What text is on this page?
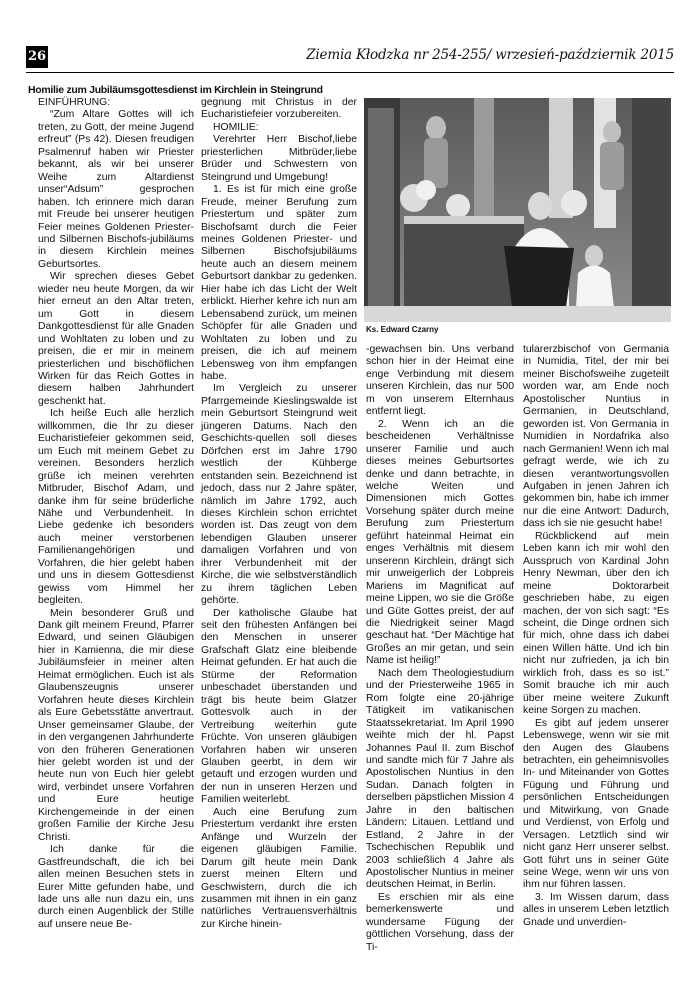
26	Ziemia Kłodzka nr 254-255/ wrzesień-październik 2015
Homilie zum Jubiläumsgottesdienst im Kirchlein in Steingrund

EINFÜHRUNG:

“Zum Altare Gottes will ich treten, zu Gott, der meine Jugend erfreut” (Ps 42). Diesen freudigen Psalmenruf haben wir Priester bekannt, als wir bei unserer Weihe zum Altardienst unser“Adsum” gesprochen haben. Ich erinnere mich daran mit Freude bei unserer heutigen Feier meines Goldenen Priester- und Silbernen Bischofs-jubiläums in diesem Kirchlein meines Geburtsortes.

Wir sprechen dieses Gebet wieder neu heute Morgen, da wir hier erneut an den Altar treten, um Gott in diesem Dankgottesdienst für alle Gnaden und Wohltaten zu loben und zu preisen, die er mir in meinem priesterlichen und bischöflichen Wirken für das Reich Gottes in diesem halben Jahrhundert geschenkt hat.

Ich heiße Euch alle herzlich willkommen, die Ihr zu dieser Eucharistiefeier gekommen seid, um Euch mit meinem Gebet zu vereinen. Besonders herzlich grüße ich meinen verehrten Mitbruder, Bischof Adam, und danke ihm für seine brüderliche Nähe und Verbundenheit. In Liebe gedenke ich besonders auch meiner verstorbenen Familienangehörigen und Vorfahren, die hier gelebt haben und uns in diesem Gottesdienst gewiss vom Himmel her begleiten.

Mein besonderer Gruß und Dank gilt meinem Freund, Pfarrer Edward, und seinen Gläubigen hier in Kamienna, die mir diese Jubiläumsfeier in meiner alten Heimat ermöglichen. Euch ist als Glaubenszeugnis unserer Vorfahren heute dieses Kirchlein als Eure Gebetsstätte anvertraut. Unser gemeinsamer Glaube, der in den vergangenen Jahrhunderte von den früheren Generationen hier gelebt worden ist und der heute nun von Euch hier gelebt wird, verbindet unsere Vorfahren und Eure heutige Kirchengemeinde in der einen großen Familie der Kirche Jesu Christi.

Ich danke für die Gastfreundschaft, die ich bei allen meinen Besuchen stets in Eurer Mitte gefunden habe, und lade uns alle nun dazu ein, uns durch einen Augenblick der Stille auf unsere neue Be-

gegnung mit Christus in der Eucharistiefeier vorzubereiten.

HOMILIE:

Verehrter Herr Bischof,liebe priesterlichen Mitbrüder,liebe Brüder und Schwestern von Steingrund und Umgebung!

1. Es ist für mich eine große Freude, meiner Berufung zum Priestertum und später zum Bischofsamt durch die Feier meines Goldenen Priester- und Silbernen Bischofsjubiläums heute auch an diesem meinem Geburtsort dankbar zu gedenken. Hier habe ich das Licht der Welt erblickt. Hierher kehre ich nun am Lebensabend zurück, um meinen Schöpfer für alle Gnaden und Wohltaten zu loben und zu preisen, die ich auf meinem Lebensweg von ihm empfangen habe.

Im Vergleich zu unserer Pfarrgemeinde Kieslingswalde ist mein Geburtsort Steingrund weit jüngeren Datums. Nach den Geschichts-quellen soll dieses Dörfchen erst im Jahre 1790 westlich der Kühberge entstanden sein. Bezeichnend ist jedoch, dass nur 2 Jahre später, nämlich im Jahre 1792, auch dieses Kirchlein schon errichtet worden ist. Das zeugt von dem lebendigen Glauben unserer damaligen Vorfahren und von ihrer Verbundenheit mit der Kirche, die wie selbstverständlich zu ihrem täglichen Leben gehörte.

Der katholische Glaube hat seit den frühesten Anfängen bei den Menschen in unserer Grafschaft Glatz eine bleibende Heimat gefunden. Er hat auch die Stürme der Reformation unbeschadet überstanden und trägt bis heute beim Glatzer Gottesvolk auch in der Vertreibung weiterhin gute Früchte. Von unseren gläubigen Vorfahren haben wir unseren Glauben geerbt, in dem wir getauft und erzogen wurden und der nun in unseren Herzen und Familien weiterlebt.

Auch eine Berufung zum Priestertum verdankt ihre ersten Anfänge und Wurzeln der eigenen gläubigen Familie. Darum gilt heute mein Dank zuerst meinen Eltern und Geschwistern, durch die ich zusammen mit ihnen in ein ganz natürliches Vertrauensverhältnis zur Kirche hinein-

Ks. Edward Czarny

-gewachsen bin. Uns verband schon hier in der Heimat eine enge Verbindung mit diesem unseren Kirchlein, das nur 500 m von unserem Elternhaus entfernt liegt.

2. Wenn ich an die bescheidenen Verhältnisse unserer Familie und auch dieses meines Geburtsortes denke und dann betrachte, in welche Weiten und Dimensionen mich Gottes Vorsehung später durch meine Berufung zum Priestertum geführt hateinmal Heimat ein enges Verhältnis mit diesem unserenn Kirchlein, drängt sich mir unweigerlich der Lobpreis Mariens im Magnificat auf meine Lippen, wo sie die Größe und Güte Gottes preist, der auf die Niedrigkeit seiner Magd geschaut hat. “Der Mächtige hat Großes an mir getan, und sein Name ist heilig!”

Nach dem Theologiestudium und der Priesterweihe 1965 in Rom folgte eine 20-jährige Tätigkeit im vatikanischen Staatssekretariat. Im April 1990 weihte mich der hl. Papst Johannes Paul II. zum Bischof und sandte mich für 7 Jahre als Apostolischen Nuntius in den Sudan. Danach folgten in derselben päpstlichen Mission 4 Jahre in den baltischen Ländern: Litauen. Lettland und Estland, 2 Jahre in der Tschechischen Republik und 2003 schließlich 4 Jahre als Apostolischer Nuntius in meiner deutschen Heimat, in Berlin.

Es erschien mir als eine bemerkenswerte und wundersame Fügung der göttlichen Vorsehung, dass der Ti-

tularerzbischof von Germania in Numidia, Titel, der mir bei meiner Bischofsweihe zugeteilt worden war, am Ende noch Apostolischer Nuntius in Germanien, in Deutschland, geworden ist. Von Germania in Numidien in Nordafrika also nach Germanien! Wenn ich mal gefragt werde, wie ich zu diesen verantwortungsvollen Aufgaben in jenen Jahren ich gekommen bin, habe ich immer nur die eine Antwort: Dadurch, dass ich sie nie gesucht habe!

Rückblickend auf mein Leben kann ich mir wohl den Ausspruch von Kardinal John Henry Newman, über den ich meine Doktorarbeit geschrieben habe, zu eigen machen, der von sich sagt: “Es scheint, die Dinge ordnen sich für mich, ohne dass ich dabei einen Willen hätte. Und ich bin nicht nur zufrieden, ja ich bin wirklich froh, dass es so ist.” Somit brauche ich mir auch über meine weitere Zukunft keine Sorgen zu machen.

Es gibt auf jedem unserer Lebenswege, wenn wir sie mit den Augen des Glaubens betrachten, ein geheimnisvolles In- und Miteinander von Gottes Fügung und Führung und persönlichen Entscheidungen und Mitwirkung, von Gnade und Verdienst, von Erfolg und Versagen. Letztlich sind wir nicht ganz Herr unserer selbst. Gott führt uns in seiner Güte seine Wege, wenn wir uns von ihm nur führen lassen.

3. Im Wissen darum, dass alles in unserem Leben letztlich Gnade und unverdien-
